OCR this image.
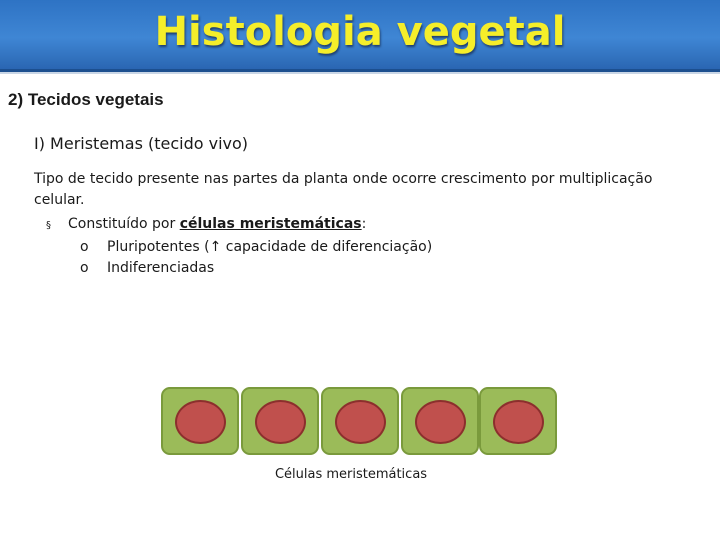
Histologia vegetal
2) Tecidos vegetais
I) Meristemas (tecido vivo)
Tipo de tecido presente nas partes da planta onde ocorre crescimento por multiplicação celular.
§ Constituído por células meristemáticas:
o Pluripotentes (↑ capacidade de diferenciação)
o Indiferenciadas
Células meristemáticas
